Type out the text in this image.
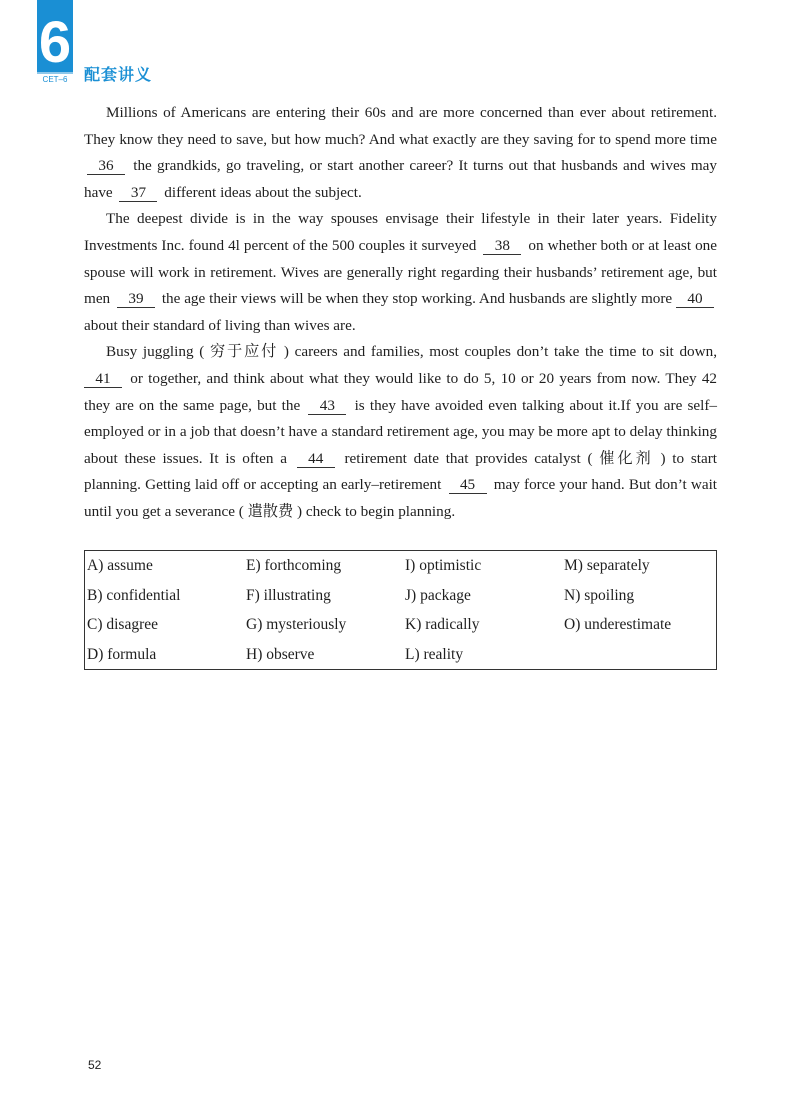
6
CET–6 配套讲义

Millions of Americans are entering their 60s and are more concerned than ever about retirement. They know they need to save, but how much? And what exactly are they saving for to spend more time 36 the grandkids, go traveling, or start another career? It turns out that husbands and wives may have 37 different ideas about the subject.

The deepest divide is in the way spouses envisage their lifestyle in their later years. Fidelity Investments Inc. found 4l percent of the 500 couples it surveyed 38 on whether both or at least one spouse will work in retirement. Wives are generally right regarding their husbands’ retirement age, but men 39 the age their views will be when they stop working. And husbands are slightly more 40 about their standard of living than wives are.

Busy juggling ( 穷于应付 ) careers and families, most couples don’t take the time to sit down, 41 or together, and think about what they would like to do 5, 10 or 20 years from now. They 42 they are on the same page, but the 43 is they have avoided even talking about it.If you are self–employed or in a job that doesn’t have a standard retirement age, you may be more apt to delay thinking about these issues. It is often a 44 retirement date that provides catalyst ( 催化剂 ) to start planning. Getting laid off or accepting an early–retirement 45 may force your hand. But don’t wait until you get a severance ( 遣散费 ) check to begin planning.

A) assume	E) forthcoming	I) optimistic	M) separately
B) confidential	F) illustrating	J) package	N) spoiling
C) disagree	G) mysteriously	K) radically	O) underestimate
D) formula	H) observe	L) reality
52
